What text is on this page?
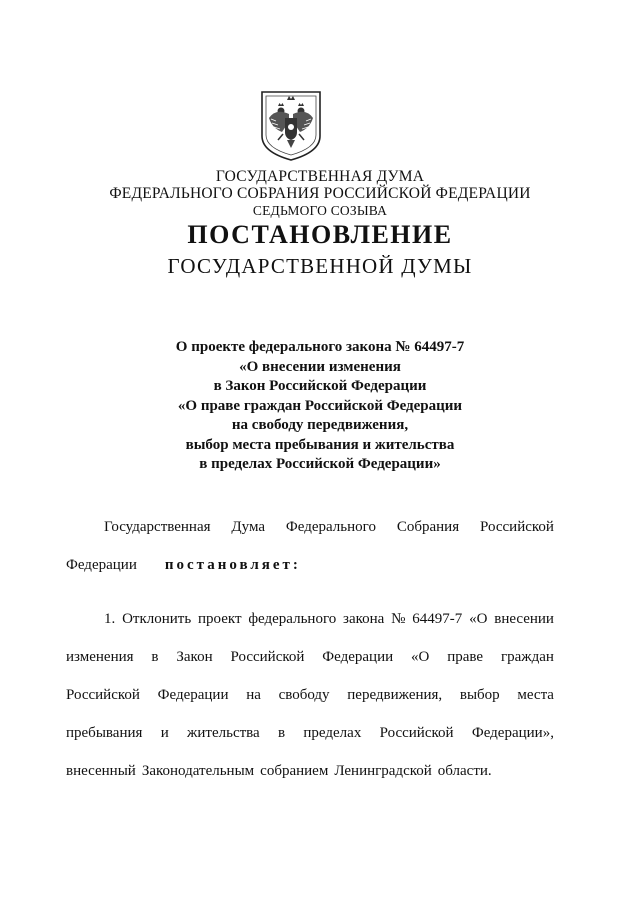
ГОСУДАРСТВЕННАЯ ДУМА
ФЕДЕРАЛЬНОГО СОБРАНИЯ РОССИЙСКОЙ ФЕДЕРАЦИИ
СЕДЬМОГО СОЗЫВА
ПОСТАНОВЛЕНИЕ
ГОСУДАРСТВЕННОЙ ДУМЫ
О проекте федерального закона № 64497-7
«О внесении изменения
в Закон Российской Федерации
«О праве граждан Российской Федерации
на свободу передвижения,
выбор места пребывания и жительства
в пределах Российской Федерации»
Государственная Дума Федерального Собрания Российской
Федерации постановляет:
1. Отклонить проект федерального закона № 64497-7 «О внесении
изменения в Закон Российской Федерации «О праве граждан
Российской Федерации на свободу передвижения, выбор места
пребывания и жительства в пределах Российской Федерации»,
внесенный Законодательным собранием Ленинградской области.
